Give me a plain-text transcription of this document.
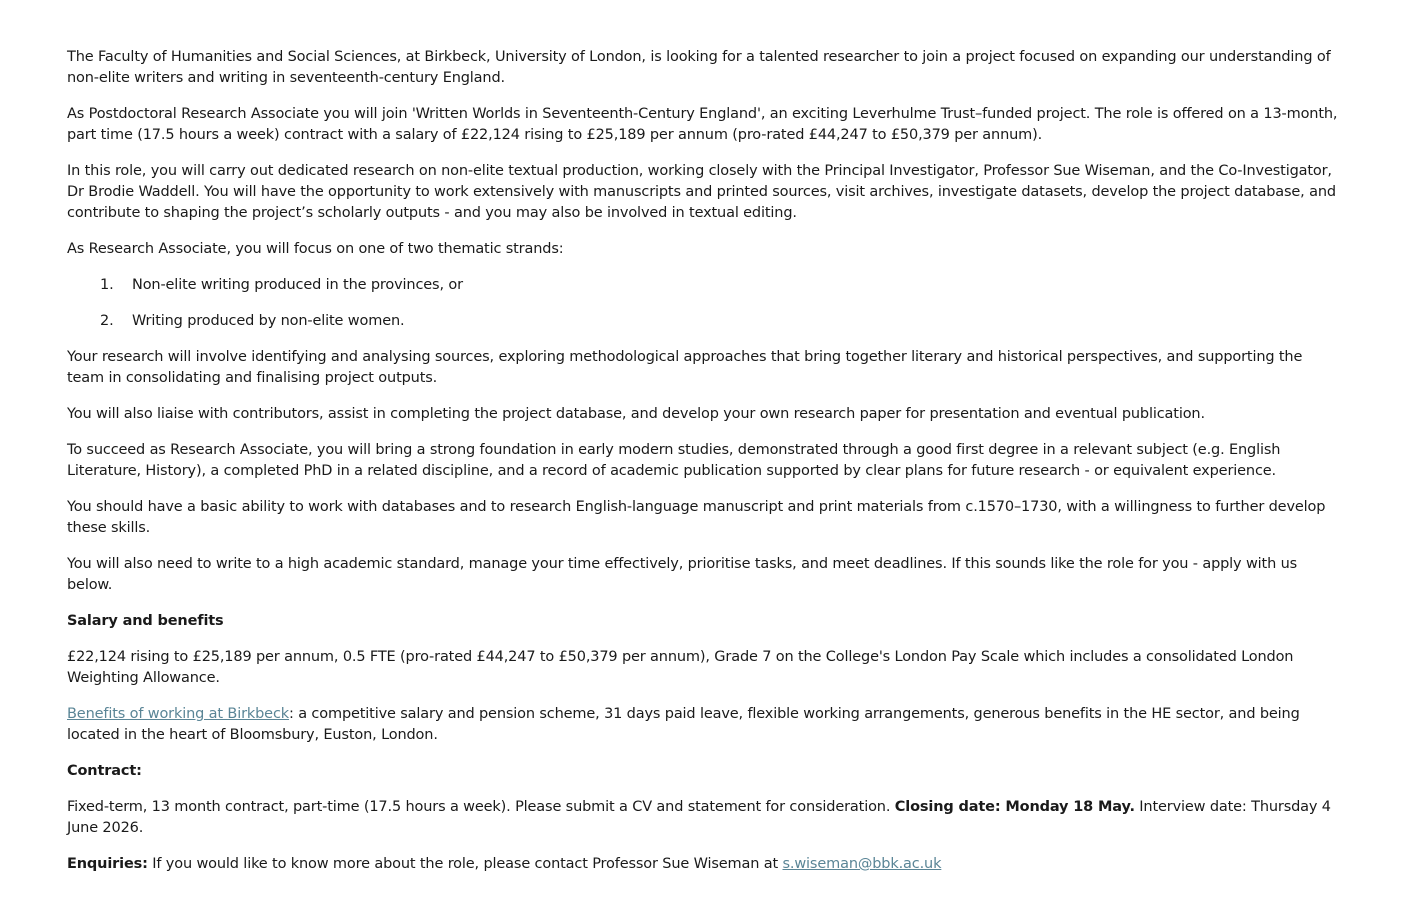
The Faculty of Humanities and Social Sciences, at Birkbeck, University of London, is looking for a talented researcher to join a project focused on expanding our understanding of non-elite writers and writing in seventeenth-century England.

As Postdoctoral Research Associate you will join 'Written Worlds in Seventeenth-Century England', an exciting Leverhulme Trust–funded project. The role is offered on a 13-month, part time (17.5 hours a week) contract with a salary of £22,124 rising to £25,189 per annum (pro-rated £44,247 to £50,379 per annum).

In this role, you will carry out dedicated research on non-elite textual production, working closely with the Principal Investigator, Professor Sue Wiseman, and the Co-Investigator, Dr Brodie Waddell. You will have the opportunity to work extensively with manuscripts and printed sources, visit archives, investigate datasets, develop the project database, and contribute to shaping the project’s scholarly outputs - and you may also be involved in textual editing.

As Research Associate, you will focus on one of two thematic strands:

1. Non-elite writing produced in the provinces, or
2. Writing produced by non-elite women.

Your research will involve identifying and analysing sources, exploring methodological approaches that bring together literary and historical perspectives, and supporting the team in consolidating and finalising project outputs.

You will also liaise with contributors, assist in completing the project database, and develop your own research paper for presentation and eventual publication.

To succeed as Research Associate, you will bring a strong foundation in early modern studies, demonstrated through a good first degree in a relevant subject (e.g. English Literature, History), a completed PhD in a related discipline, and a record of academic publication supported by clear plans for future research - or equivalent experience.

You should have a basic ability to work with databases and to research English-language manuscript and print materials from c.1570–1730, with a willingness to further develop these skills.

You will also need to write to a high academic standard, manage your time effectively, prioritise tasks, and meet deadlines. If this sounds like the role for you - apply with us below.

Salary and benefits

£22,124 rising to £25,189 per annum, 0.5 FTE (pro-rated £44,247 to £50,379 per annum), Grade 7 on the College's London Pay Scale which includes a consolidated London Weighting Allowance.

Benefits of working at Birkbeck: a competitive salary and pension scheme, 31 days paid leave, flexible working arrangements, generous benefits in the HE sector, and being located in the heart of Bloomsbury, Euston, London.

Contract:

Fixed-term, 13 month contract, part-time (17.5 hours a week). Please submit a CV and statement for consideration. Closing date: Monday 18 May. Interview date: Thursday 4 June 2026.

Enquiries: If you would like to know more about the role, please contact Professor Sue Wiseman at s.wiseman@bbk.ac.uk
